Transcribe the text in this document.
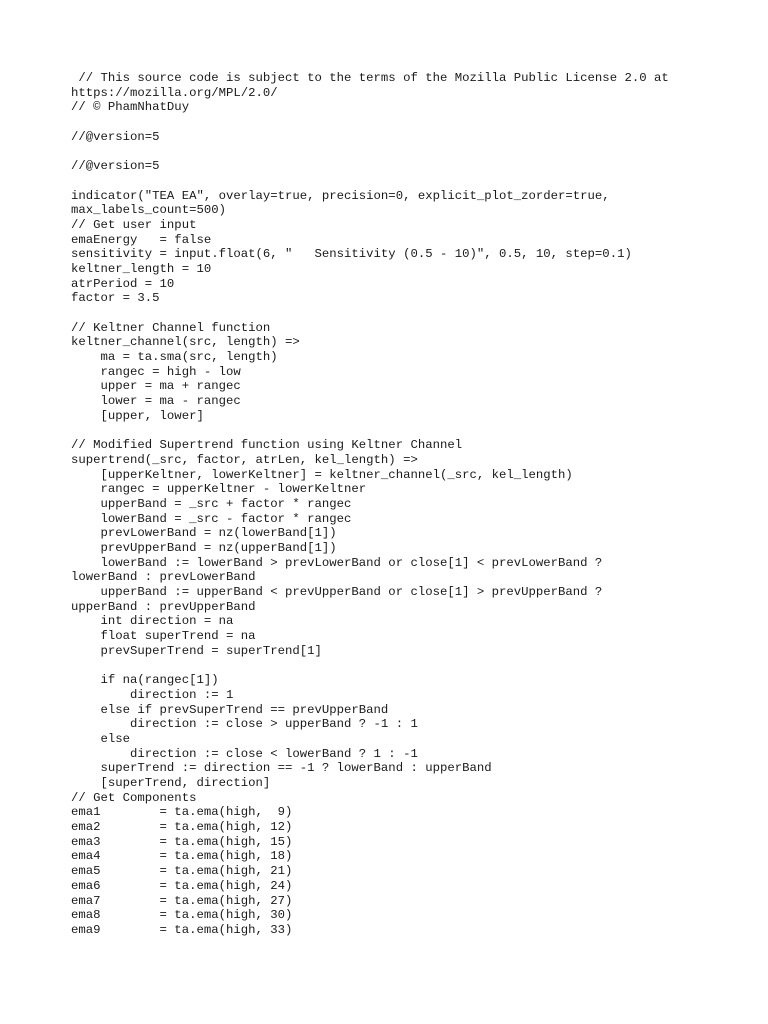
// This source code is subject to the terms of the Mozilla Public License 2.0 at
https://mozilla.org/MPL/2.0/
// © PhamNhatDuy
//@version=5
//@version=5
indicator("TEA EA", overlay=true, precision=0, explicit_plot_zorder=true,
max_labels_count=500)
// Get user input
emaEnergy   = false
sensitivity = input.float(6, "   Sensitivity (0.5 - 10)", 0.5, 10, step=0.1)
keltner_length = 10
atrPeriod = 10
factor = 3.5
// Keltner Channel function
keltner_channel(src, length) =>
ma = ta.sma(src, length)
rangec = high - low
upper = ma + rangec
lower = ma - rangec
[upper, lower]
// Modified Supertrend function using Keltner Channel
supertrend(_src, factor, atrLen, kel_length) =>
[upperKeltner, lowerKeltner] = keltner_channel(_src, kel_length)
rangec = upperKeltner - lowerKeltner
upperBand = _src + factor * rangec
lowerBand = _src - factor * rangec
prevLowerBand = nz(lowerBand[1])
prevUpperBand = nz(upperBand[1])
lowerBand := lowerBand > prevLowerBand or close[1] < prevLowerBand ?
lowerBand : prevLowerBand
upperBand := upperBand < prevUpperBand or close[1] > prevUpperBand ?
upperBand : prevUpperBand
int direction = na
float superTrend = na
prevSuperTrend = superTrend[1]
if na(rangec[1])
direction := 1
else if prevSuperTrend == prevUpperBand
direction := close > upperBand ? -1 : 1
else
direction := close < lowerBand ? 1 : -1
superTrend := direction == -1 ? lowerBand : upperBand
[superTrend, direction]
// Get Components
ema1        = ta.ema(high,  9)
ema2        = ta.ema(high, 12)
ema3        = ta.ema(high, 15)
ema4        = ta.ema(high, 18)
ema5        = ta.ema(high, 21)
ema6        = ta.ema(high, 24)
ema7        = ta.ema(high, 27)
ema8        = ta.ema(high, 30)
ema9        = ta.ema(high, 33)
